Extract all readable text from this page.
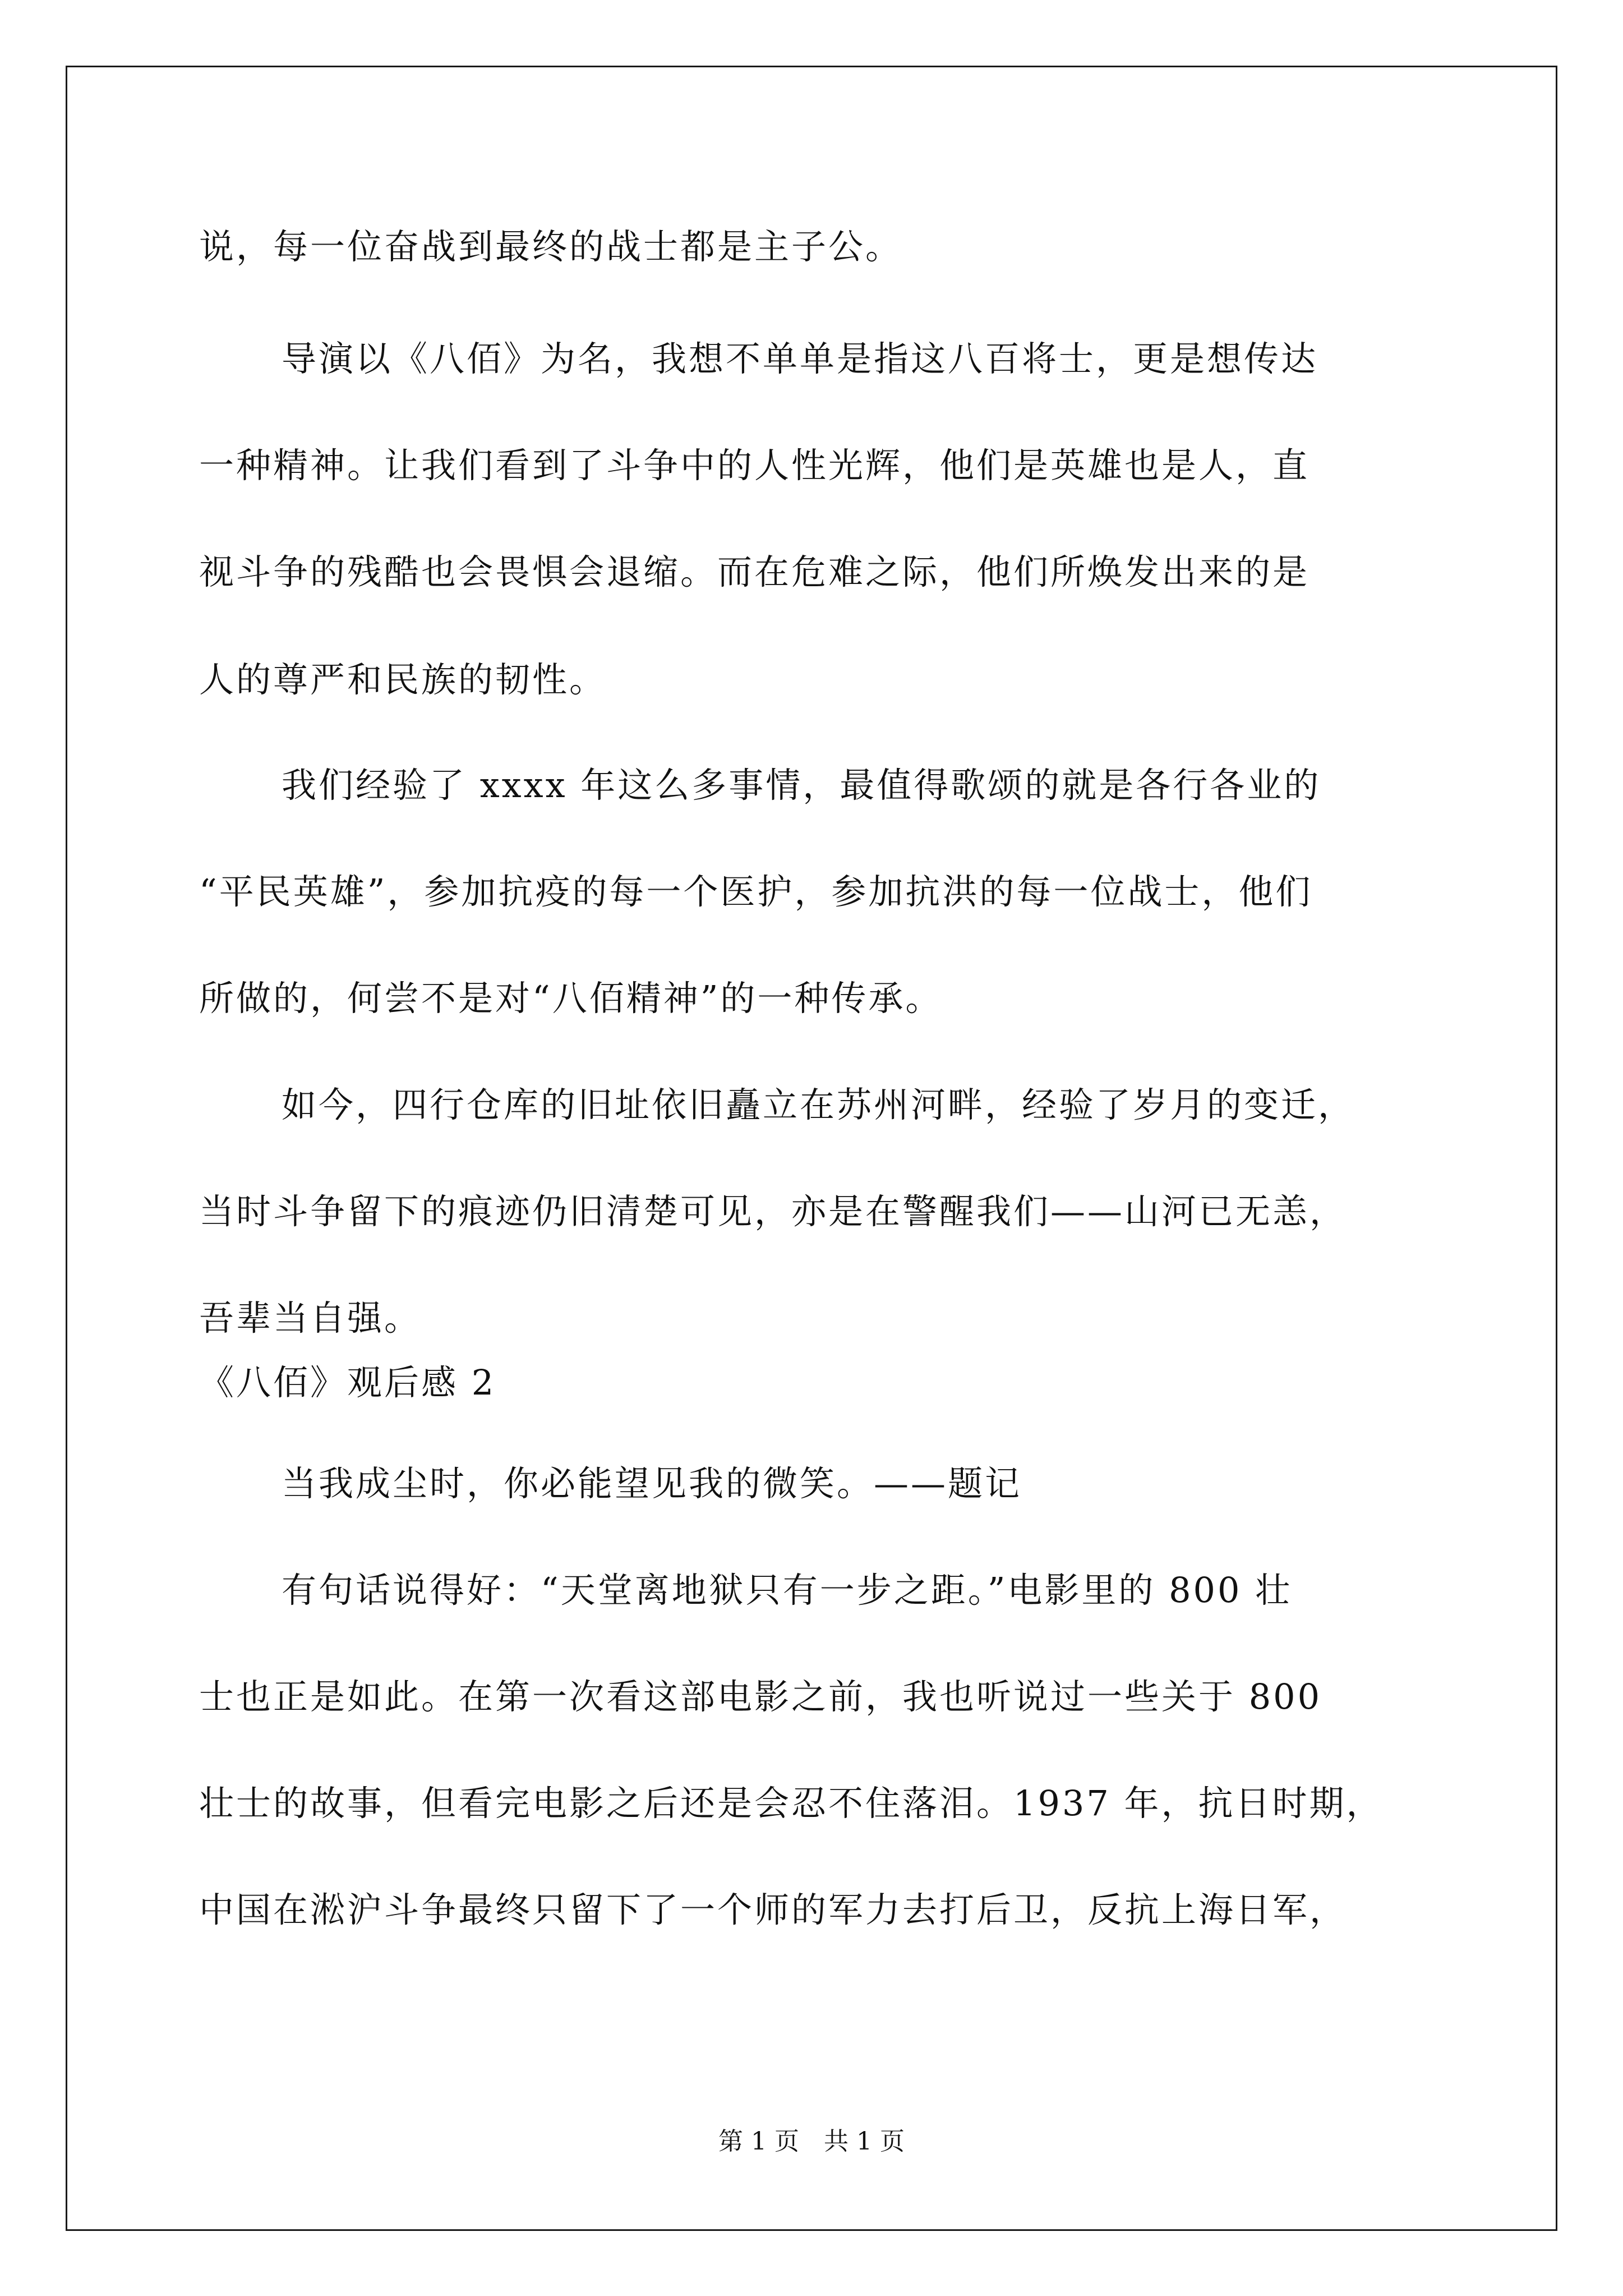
说，每一位奋战到最终的战士都是主子公。

导演以《八佰》为名，我想不单单是指这八百将士，更是想传达

一种精神。让我们看到了斗争中的人性光辉，他们是英雄也是人，直

视斗争的残酷也会畏惧会退缩。而在危难之际，他们所焕发出来的是

人的尊严和民族的韧性。

我们经验了 xxxx 年这么多事情，最值得歌颂的就是各行各业的

“平民英雄”，参加抗疫的每一个医护，参加抗洪的每一位战士，他们

所做的，何尝不是对“八佰精神”的一种传承。

如今，四行仓库的旧址依旧矗立在苏州河畔，经验了岁月的变迁，

当时斗争留下的痕迹仍旧清楚可见，亦是在警醒我们——山河已无恙，

吾辈当自强。

《八佰》观后感 2

当我成尘时，你必能望见我的微笑。——题记

有句话说得好：“天堂离地狱只有一步之距。”电影里的 800 壮

士也正是如此。在第一次看这部电影之前，我也听说过一些关于 800

壮士的故事，但看完电影之后还是会忍不住落泪。1937 年，抗日时期，

中国在淞沪斗争最终只留下了一个师的军力去打后卫，反抗上海日军，

第 1 页　共 1 页
